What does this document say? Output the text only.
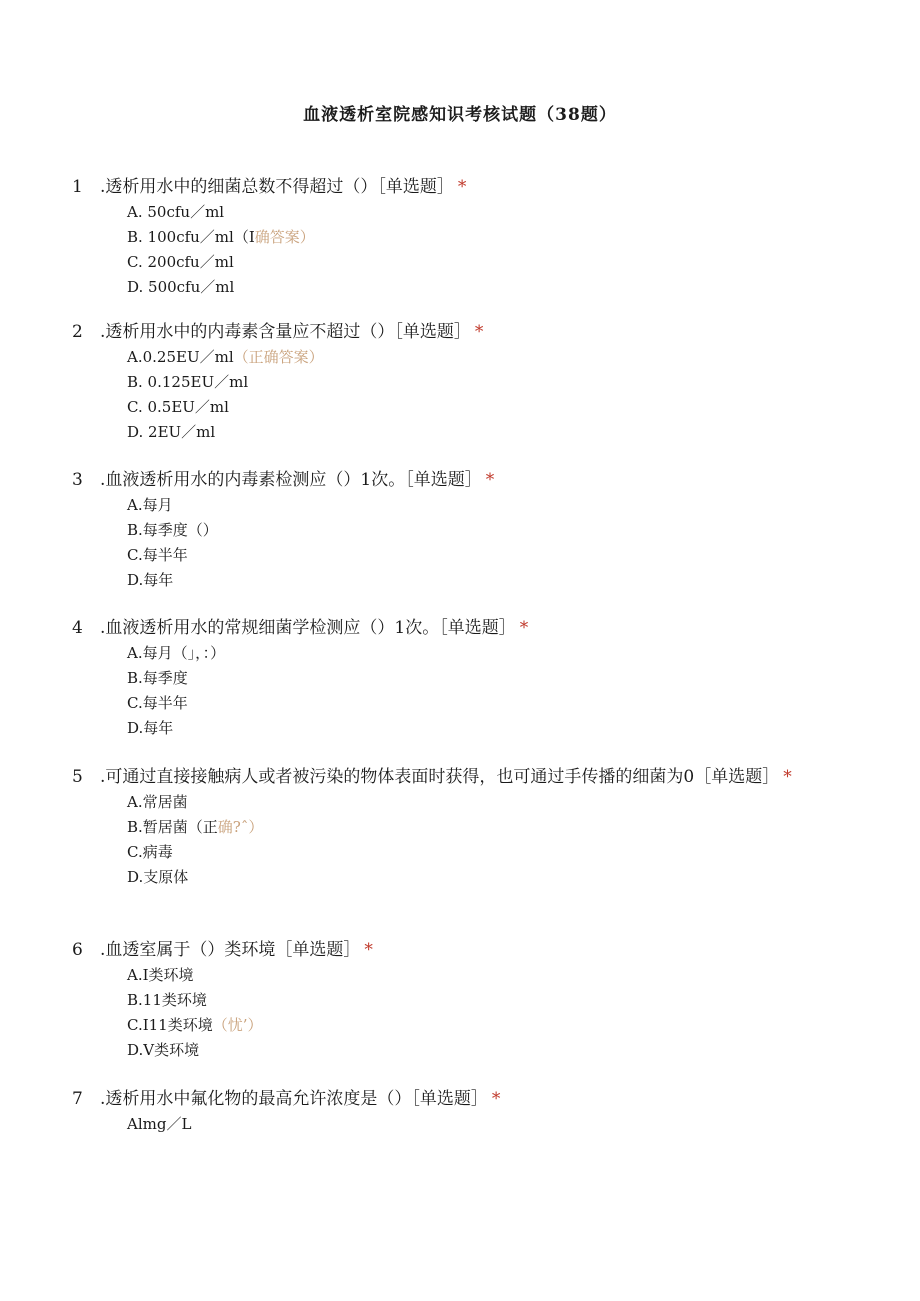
血液透析室院感知识考核试题（38题）
1 .透析用水中的细菌总数不得超过（）［单选题］ *
A. 50cfu／ml
B. 100cfu／ml（I确答案）
C. 200cfu／ml
D. 500cfu／ml
2 .透析用水中的内毒素含量应不超过（）［单选题］ *
A.0.25EU／ml（正确答案）
B. 0.125EU／ml
C. 0.5EU／ml
D. 2EU／ml
3 .血液透析用水的内毒素检测应（）1次。［单选题］ *
A.每月
B.每季度（）
C.每半年
D.每年
4 .血液透析用水的常规细菌学检测应（）1次。［单选题］ *
A.每月（」，：）
B.每季度
C.每半年
D.每年
5 .可通过直接接触病人或者被污染的物体表面时获得，也可通过手传播的细菌为0［单选题］ *
A.常居菌
B.暂居菌（正确?ˆ）
C.病毒
D.支原体
6 .血透室属于（）类环境［单选题］ *
A.I类环境
B.11类环境
C.I11类环境（忧’）
D.V类环境
7 .透析用水中氟化物的最高允许浓度是（）［单选题］ *
Almg／L
